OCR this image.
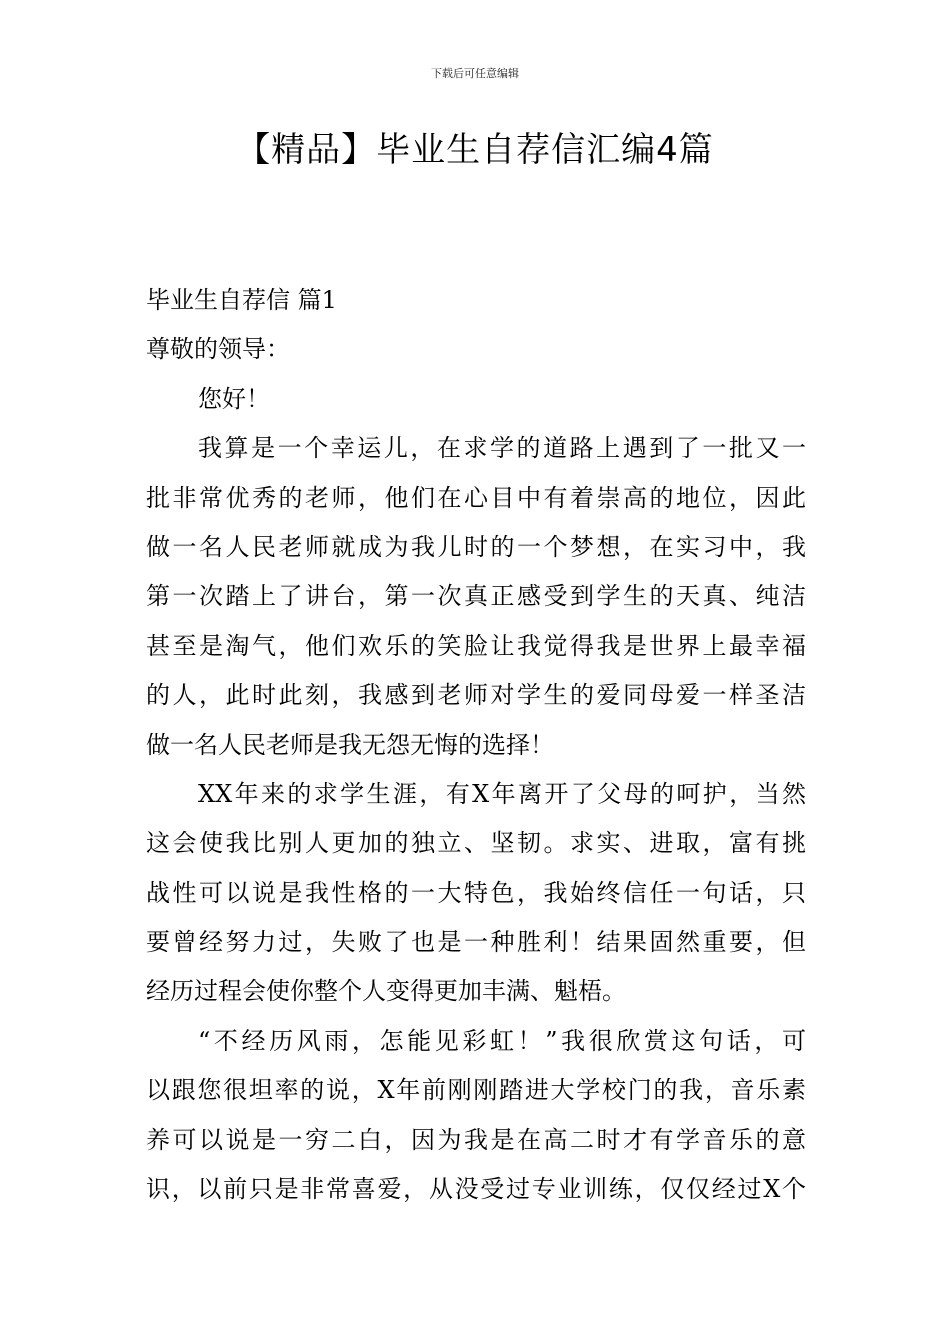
下载后可任意编辑
【精品】毕业生自荐信汇编4篇
毕业生自荐信 篇1
尊敬的领导：
您好！
我算是一个幸运儿，在求学的道路上遇到了一批又一
批非常优秀的老师，他们在心目中有着崇高的地位，因此
做一名人民老师就成为我儿时的一个梦想，在实习中，我
第一次踏上了讲台，第一次真正感受到学生的天真、纯洁
甚至是淘气，他们欢乐的笑脸让我觉得我是世界上最幸福
的人，此时此刻，我感到老师对学生的爱同母爱一样圣洁
做一名人民老师是我无怨无悔的选择！
XX年来的求学生涯，有X年离开了父母的呵护，当然
这会使我比别人更加的独立、坚韧。求实、进取，富有挑
战性可以说是我性格的一大特色，我始终信任一句话，只
要曾经努力过，失败了也是一种胜利！结果固然重要，但
经历过程会使你整个人变得更加丰满、魁梧。
“不经历风雨，怎能见彩虹！”我很欣赏这句话，可
以跟您很坦率的说，X年前刚刚踏进大学校门的我，音乐素
养可以说是一穷二白，因为我是在高二时才有学音乐的意
识，以前只是非常喜爱，从没受过专业训练，仅仅经过X个
